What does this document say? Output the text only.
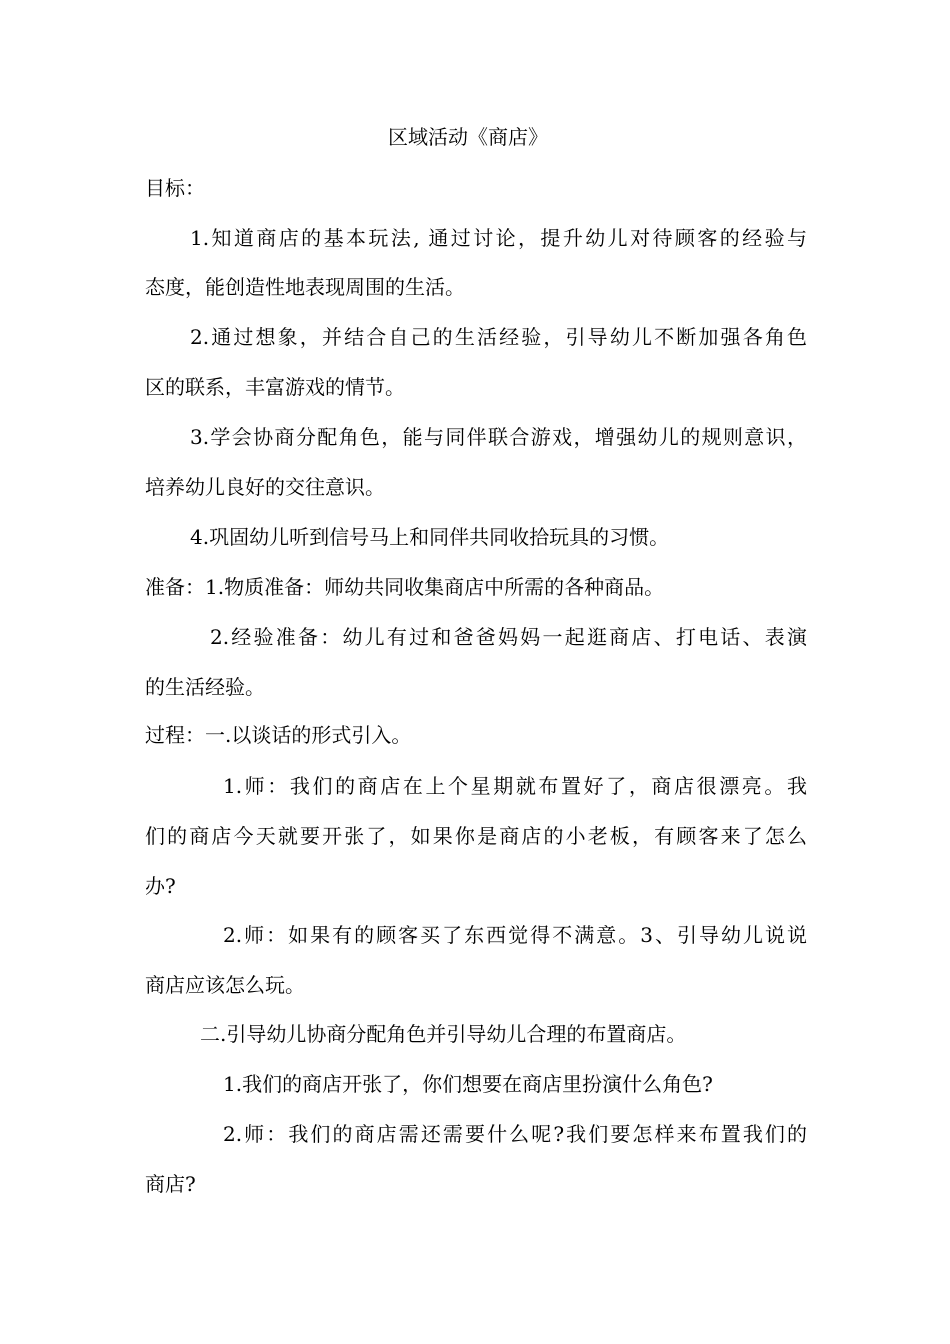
区域活动《商店》

目标：

1.知道商店的基本玩法, 通过讨论，提升幼儿对待顾客的经验与

态度，能创造性地表现周围的生活。

2.通过想象，并结合自己的生活经验，引导幼儿不断加强各角色

区的联系，丰富游戏的情节。

3.学会协商分配角色，能与同伴联合游戏，增强幼儿的规则意识，

培养幼儿良好的交往意识。

4.巩固幼儿听到信号马上和同伴共同收拾玩具的习惯。

准备：1.物质准备：师幼共同收集商店中所需的各种商品。

2.经验准备：幼儿有过和爸爸妈妈一起逛商店、打电话、表演

的生活经验。

过程：一.以谈话的形式引入。

1.师：我们的商店在上个星期就布置好了，商店很漂亮。我

们的商店今天就要开张了，如果你是商店的小老板，有顾客来了怎么

办?

2.师：如果有的顾客买了东西觉得不满意。3、引导幼儿说说

商店应该怎么玩。

二.引导幼儿协商分配角色并引导幼儿合理的布置商店。

1.我们的商店开张了，你们想要在商店里扮演什么角色?

2.师：我们的商店需还需要什么呢?我们要怎样来布置我们的

商店?
